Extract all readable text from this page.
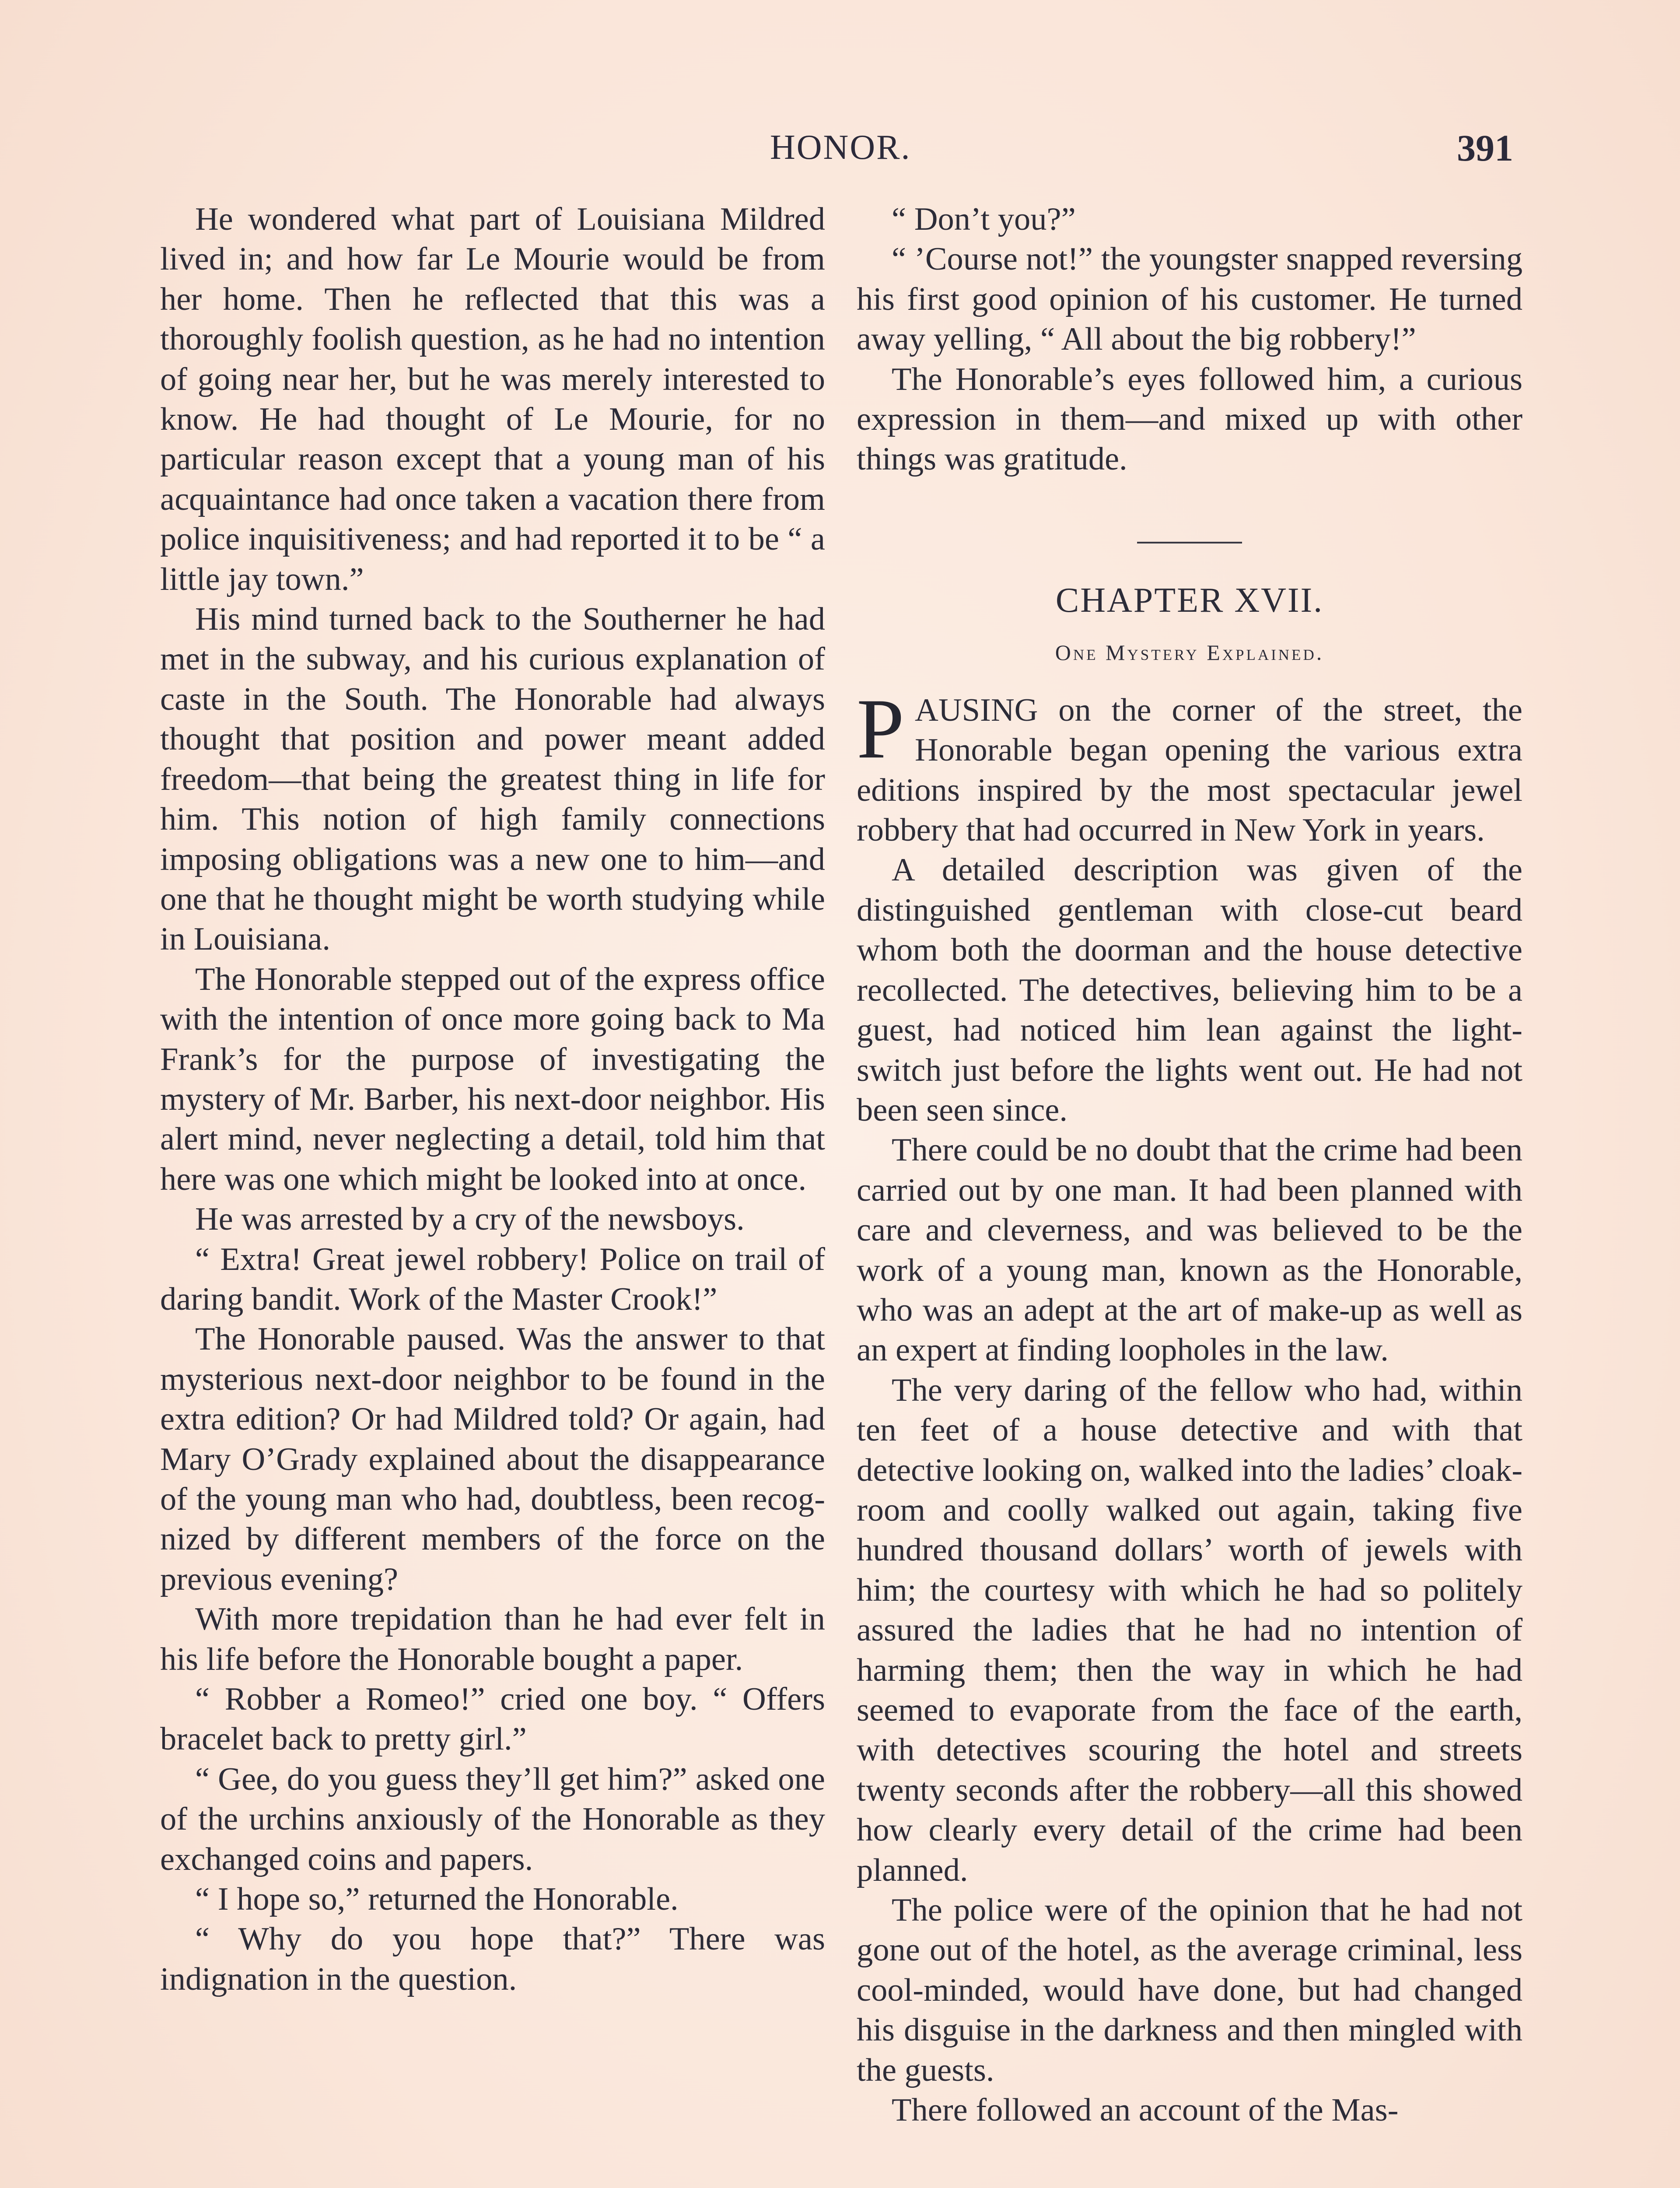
HONOR.	391

He wondered what part of Louisiana Mildred lived in; and how far Le Mourie would be from her home. Then he reflected that this was a thoroughly foolish question, as he had no intention of going near her, but he was merely interested to know. He had thought of Le Mourie, for no particular reason except that a young man of his acquaintance had once taken a vacation there from police inquisitiveness; and had reported it to be “ a little jay town.”

His mind turned back to the Southerner he had met in the subway, and his curious explanation of caste in the South. The Honorable had always thought that position and power meant added freedom—that being the greatest thing in life for him. This notion of high family connections imposing obligations was a new one to him—and one that he thought might be worth studying while in Louisiana.

The Honorable stepped out of the express office with the intention of once more going back to Ma Frank’s for the purpose of investigating the mystery of Mr. Barber, his next-door neighbor. His alert mind, never neglecting a detail, told him that here was one which might be looked into at once.

He was arrested by a cry of the newsboys.

“ Extra! Great jewel robbery! Police on trail of daring bandit. Work of the Master Crook!”

The Honorable paused. Was the answer to that mysterious next-door neighbor to be found in the extra edition? Or had Mildred told? Or again, had Mary O’Grady explained about the disappearance of the young man who had, doubtless, been recognized by different members of the force on the previous evening?

With more trepidation than he had ever felt in his life before the Honorable bought a paper.

“ Robber a Romeo!” cried one boy. “ Offers bracelet back to pretty girl.”

“ Gee, do you guess they’ll get him?” asked one of the urchins anxiously of the Honorable as they exchanged coins and papers.

“ I hope so,” returned the Honorable.

“ Why do you hope that?” There was indignation in the question.

“ Don’t you?”

“ ’Course not!” the youngster snapped reversing his first good opinion of his customer. He turned away yelling, “ All about the big robbery!”

The Honorable’s eyes followed him, a curious expression in them—and mixed up with other things was gratitude.

CHAPTER XVII.
One Mystery Explained.

PAUSING on the corner of the street, the Honorable began opening the various extra editions inspired by the most spectacular jewel robbery that had occurred in New York in years.

A detailed description was given of the distinguished gentleman with close-cut beard whom both the doorman and the house detective recollected. The detectives, believing him to be a guest, had noticed him lean against the light-switch just before the lights went out. He had not been seen since.

There could be no doubt that the crime had been carried out by one man. It had been planned with care and cleverness, and was believed to be the work of a young man, known as the Honorable, who was an adept at the art of make-up as well as an expert at finding loopholes in the law.

The very daring of the fellow who had, within ten feet of a house detective and with that detective looking on, walked into the ladies’ cloak-room and coolly walked out again, taking five hundred thousand dollars’ worth of jewels with him; the courtesy with which he had so politely assured the ladies that he had no intention of harming them; then the way in which he had seemed to evaporate from the face of the earth, with detectives scouring the hotel and streets twenty seconds after the robbery—all this showed how clearly every detail of the crime had been planned.

The police were of the opinion that he had not gone out of the hotel, as the average criminal, less cool-minded, would have done, but had changed his disguise in the darkness and then mingled with the guests.

There followed an account of the Mas-
